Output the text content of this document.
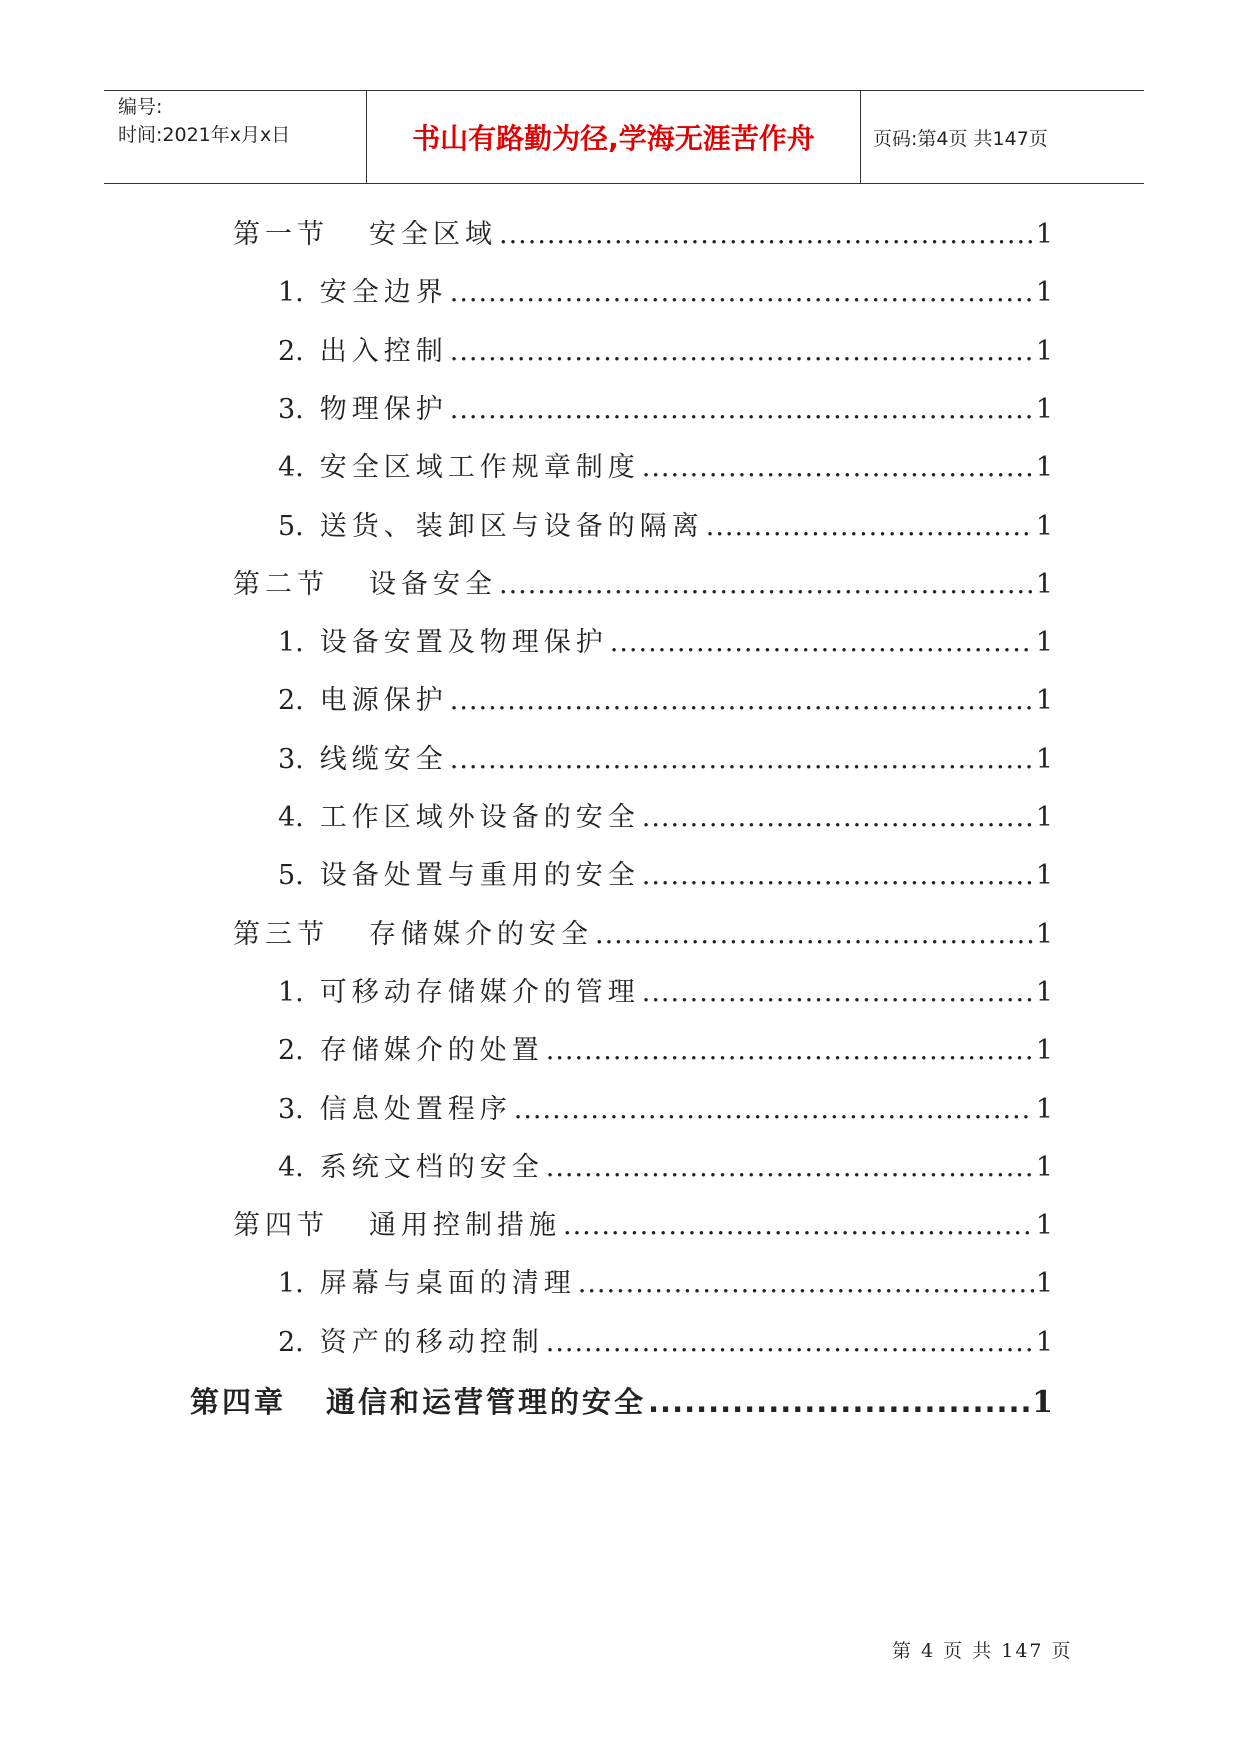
编号:
时间:2021年x月x日	书山有路勤为径,学海无涯苦作舟	页码:第4页 共147页
第一节 安全区域 .....	1
1. 安全边界 .....	1
2. 出入控制 .....	1
3. 物理保护 .....	1
4. 安全区域工作规章制度 .....	1
5. 送货、装卸区与设备的隔离 .....	1
第二节 设备安全 .....	1
1. 设备安置及物理保护 .....	1
2. 电源保护 .....	1
3. 线缆安全 .....	1
4. 工作区域外设备的安全 .....	1
5. 设备处置与重用的安全 .....	1
第三节 存储媒介的安全 .....	1
1. 可移动存储媒介的管理 .....	1
2. 存储媒介的处置 .....	1
3. 信息处置程序 .....	1
4. 系统文档的安全 .....	1
第四节 通用控制措施 .....	1
1. 屏幕与桌面的清理 .....	1
2. 资产的移动控制 .....	1
第四章 通信和运营管理的安全 .....	1
第 4 页 共 147 页
